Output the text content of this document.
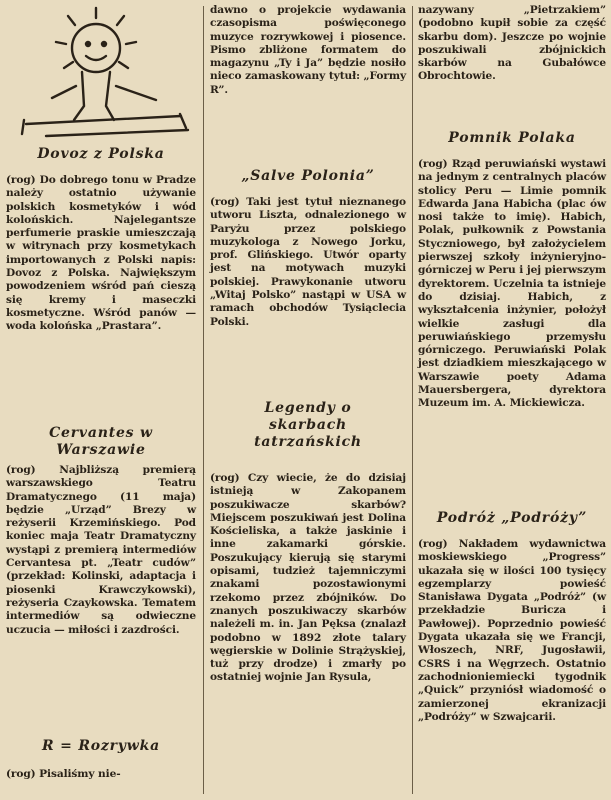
Dovoz z Polska

(rog) Do dobrego tonu w Pradze należy ostatnio używanie polskich kosmetyków i wód kolońskich. Najelegantsze perfumerie praskie umieszczają w witrynach przy kosmetykach importowanych z Polski napis: Dovoz z Polska. Największym powodzeniem wśród pań cieszą się kremy i maseczki kosmetyczne. Wśród panów — woda kolońska „Prastara”.

Cervantes w Warszawie

(rog) Najbliższą premierą warszawskiego Teatru Dramatycznego (11 maja) będzie „Urząd” Brezy w reżyserii Krzemińskiego. Pod koniec maja Teatr Dramatyczny wystąpi z premierą intermediów Cervantesa pt. „Teatr cudów” (przekład: Kolinski, adaptacja i piosenki Krawczykowski), reżyseria Czaykowska. Tematem intermediów są odwieczne uczucia — miłości i zazdrości.

R = Rozrywka

(rog) Pisaliśmy nie-

dawno o projekcie wydawania czasopisma poświęconego muzyce rozrywkowej i piosence. Pismo zbliżone formatem do magazynu „Ty i Ja” będzie nosiło nieco zamaskowany tytuł: „Formy R”.

„Salve Polonia”

(rog) Taki jest tytuł nieznanego utworu Liszta, odnalezionego w Paryżu przez polskiego muzykologa z Nowego Jorku, prof. Glińskiego. Utwór oparty jest na motywach muzyki polskiej. Prawykonanie utworu „Witaj Polsko” nastąpi w USA w ramach obchodów Tysiąclecia Polski.

Legendy o skarbach tatrzańskich

(rog) Czy wiecie, że do dzisiaj istnieją w Zakopanem poszukiwacze skarbów? Miejscem poszukiwań jest Dolina Kościeliska, a także jaskinie i inne zakamarki górskie. Poszukujący kierują się starymi opisami, tudzież tajemniczymi znakami pozostawionymi rzekomo przez zbójników. Do znanych poszukiwaczy skarbów należeli m. in. Jan Pęksa (znalazł podobno w 1892 złote talary węgierskie w Dolinie Strążyskiej, tuż przy drodze) i zmarły po ostatniej wojnie Jan Rysula,

nazywany „Pietrzakiem” (podobno kupił sobie za część skarbu dom). Jeszcze po wojnie poszukiwali zbójnickich skarbów na Gubałówce Obrochtowie.

Pomnik Polaka

(rog) Rząd peruwiański wystawi na jednym z centralnych placów stolicy Peru — Limie pomnik Edwarda Jana Habicha (plac ów nosi także to imię). Habich, Polak, pułkownik z Powstania Styczniowego, był założycielem pierwszej szkoły inżynieryjno-górniczej w Peru i jej pierwszym dyrektorem. Uczelnia ta istnieje do dzisiaj. Habich, z wykształcenia inżynier, położył wielkie zasługi dla peruwiańskiego przemysłu górniczego. Peruwiański Polak jest dziadkiem mieszkającego w Warszawie poety Adama Mauersbergera, dyrektora Muzeum im. A. Mickiewicza.

Podróż „Podróży”

(rog) Nakładem wydawnictwa moskiewskiego „Progress” ukazała się w ilości 100 tysięcy egzemplarzy powieść Stanisława Dygata „Podróż” (w przekładzie Buricza i Pawłowej). Poprzednio powieść Dygata ukazała się we Francji, Włoszech, NRF, Jugosławii, CSRS i na Węgrzech. Ostatnio zachodnioniemiecki tygodnik „Quick” przyniósł wiadomość o zamierzonej ekranizacji „Podróży” w Szwajcarii.
